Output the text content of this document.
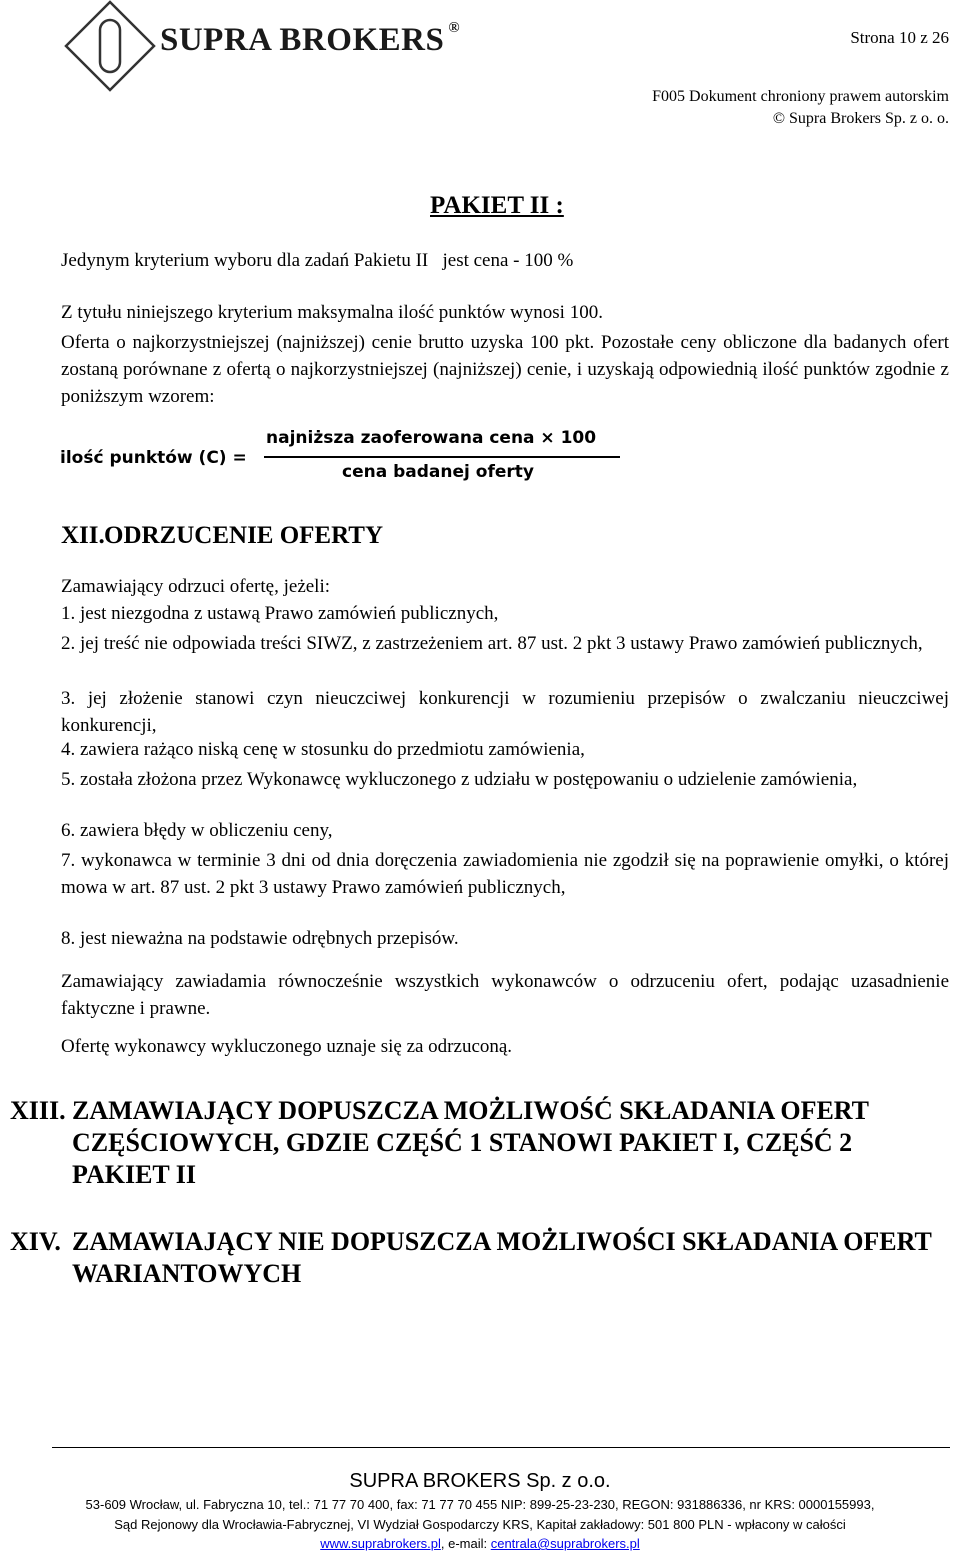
SUPRA BROKERS ®	Strona 10 z 26
F005 Dokument chroniony prawem autorskim
© Supra Brokers Sp. z o. o.
PAKIET II :
Jedynym kryterium wyboru dla zadań Pakietu II   jest cena - 100 %
Z tytułu niniejszego kryterium maksymalna ilość punktów wynosi 100.
Oferta o najkorzystniejszej (najniższej) cenie brutto uzyska 100 pkt. Pozostałe ceny obliczone dla badanych ofert zostaną porównane z ofertą o najkorzystniejszej (najniższej) cenie, i uzyskają odpowiednią ilość punktów zgodnie z poniższym wzorem:
ilość punktów (C) =
najniższa zaoferowana cena × 100
cena badanej oferty
XII. ODRZUCENIE OFERTY
Zamawiający odrzuci ofertę, jeżeli:
1. jest niezgodna z ustawą Prawo zamówień publicznych,
2. jej treść nie odpowiada treści SIWZ, z zastrzeżeniem art. 87 ust. 2 pkt 3 ustawy Prawo zamówień publicznych,
3. jej złożenie stanowi czyn nieuczciwej konkurencji w rozumieniu przepisów o zwalczaniu nieuczciwej konkurencji,
4. zawiera rażąco niską cenę w stosunku do przedmiotu zamówienia,
5. została złożona przez Wykonawcę wykluczonego z udziału w postępowaniu o udzielenie zamówienia,
6. zawiera błędy w obliczeniu ceny,
7. wykonawca w terminie 3 dni od dnia doręczenia zawiadomienia nie zgodził się na poprawienie omyłki, o której mowa w art. 87 ust. 2 pkt 3 ustawy Prawo zamówień publicznych,
8. jest nieważna na podstawie odrębnych przepisów.
Zamawiający zawiadamia równocześnie wszystkich wykonawców o odrzuceniu ofert, podając uzasadnienie faktyczne i prawne.
Ofertę wykonawcy wykluczonego uznaje się za odrzuconą.
XIII. ZAMAWIAJĄCY DOPUSZCZA MOŻLIWOŚĆ SKŁADANIA OFERT CZĘŚCIOWYCH, GDZIE CZĘŚĆ 1 STANOWI PAKIET I, CZĘŚĆ 2 PAKIET II
XIV. ZAMAWIAJĄCY NIE DOPUSZCZA MOŻLIWOŚCI SKŁADANIA OFERT WARIANTOWYCH
SUPRA BROKERS Sp. z o.o.
53-609 Wrocław, ul. Fabryczna 10, tel.: 71 77 70 400, fax: 71 77 70 455 NIP: 899-25-23-230, REGON: 931886336, nr KRS: 0000155993,
Sąd Rejonowy dla Wrocławia-Fabrycznej, VI Wydział Gospodarczy KRS, Kapitał zakładowy: 501 800 PLN - wpłacony w całości
www.suprabrokers.pl, e-mail: centrala@suprabrokers.pl
